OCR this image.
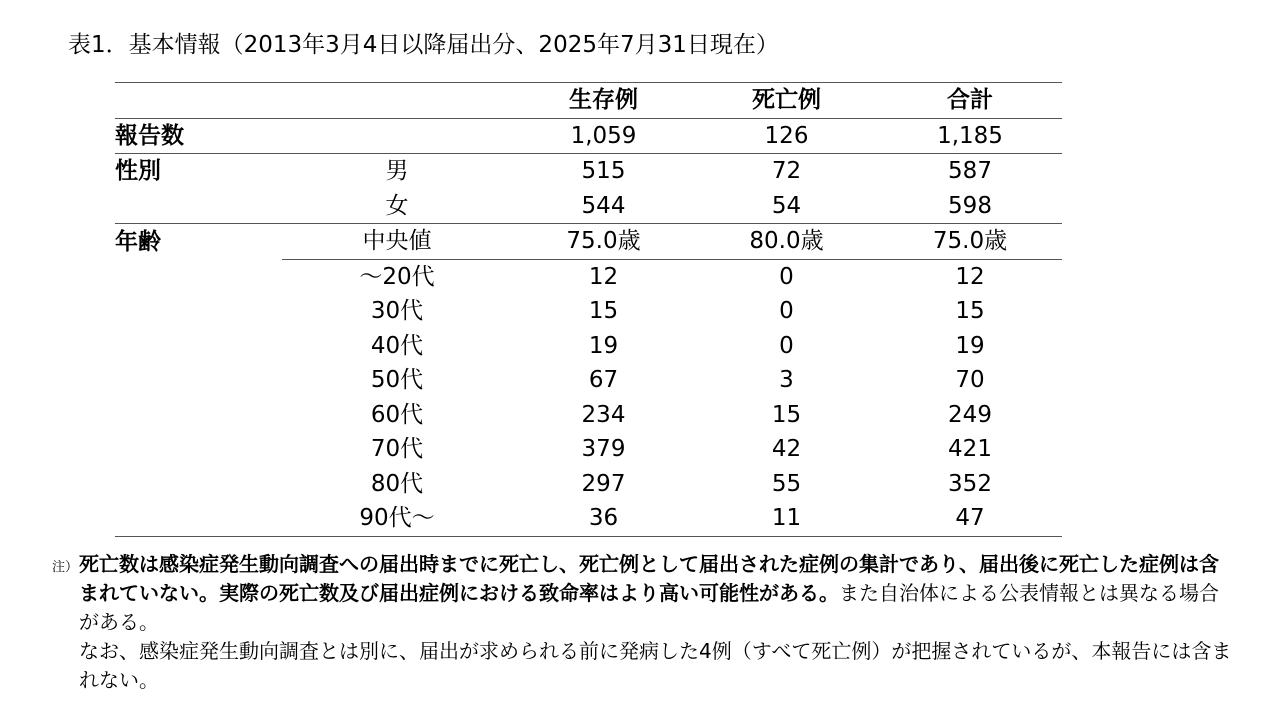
表1．基本情報（2013年3月4日以降届出分、2025年7月31日現在）
		生存例	死亡例	合計
報告数		1,059	126	1,185
性別	男	515	72	587
	女	544	54	598
年齢	中央値	75.0歳	80.0歳	75.0歳
	～20代	12	0	12
	30代	15	0	15
	40代	19	0	19
	50代	67	3	70
	60代	234	15	249
	70代	379	42	421
	80代	297	55	352
	90代～	36	11	47
注） 死亡数は感染症発生動向調査への届出時までに死亡し、死亡例として届出された症例の集計であり、届出後に死亡した症例は含まれていない。実際の死亡数及び届出症例における致命率はより高い可能性がある。また自治体による公表情報とは異なる場合がある。
なお、感染症発生動向調査とは別に、届出が求められる前に発病した4例（すべて死亡例）が把握されているが、本報告には含まれない。
